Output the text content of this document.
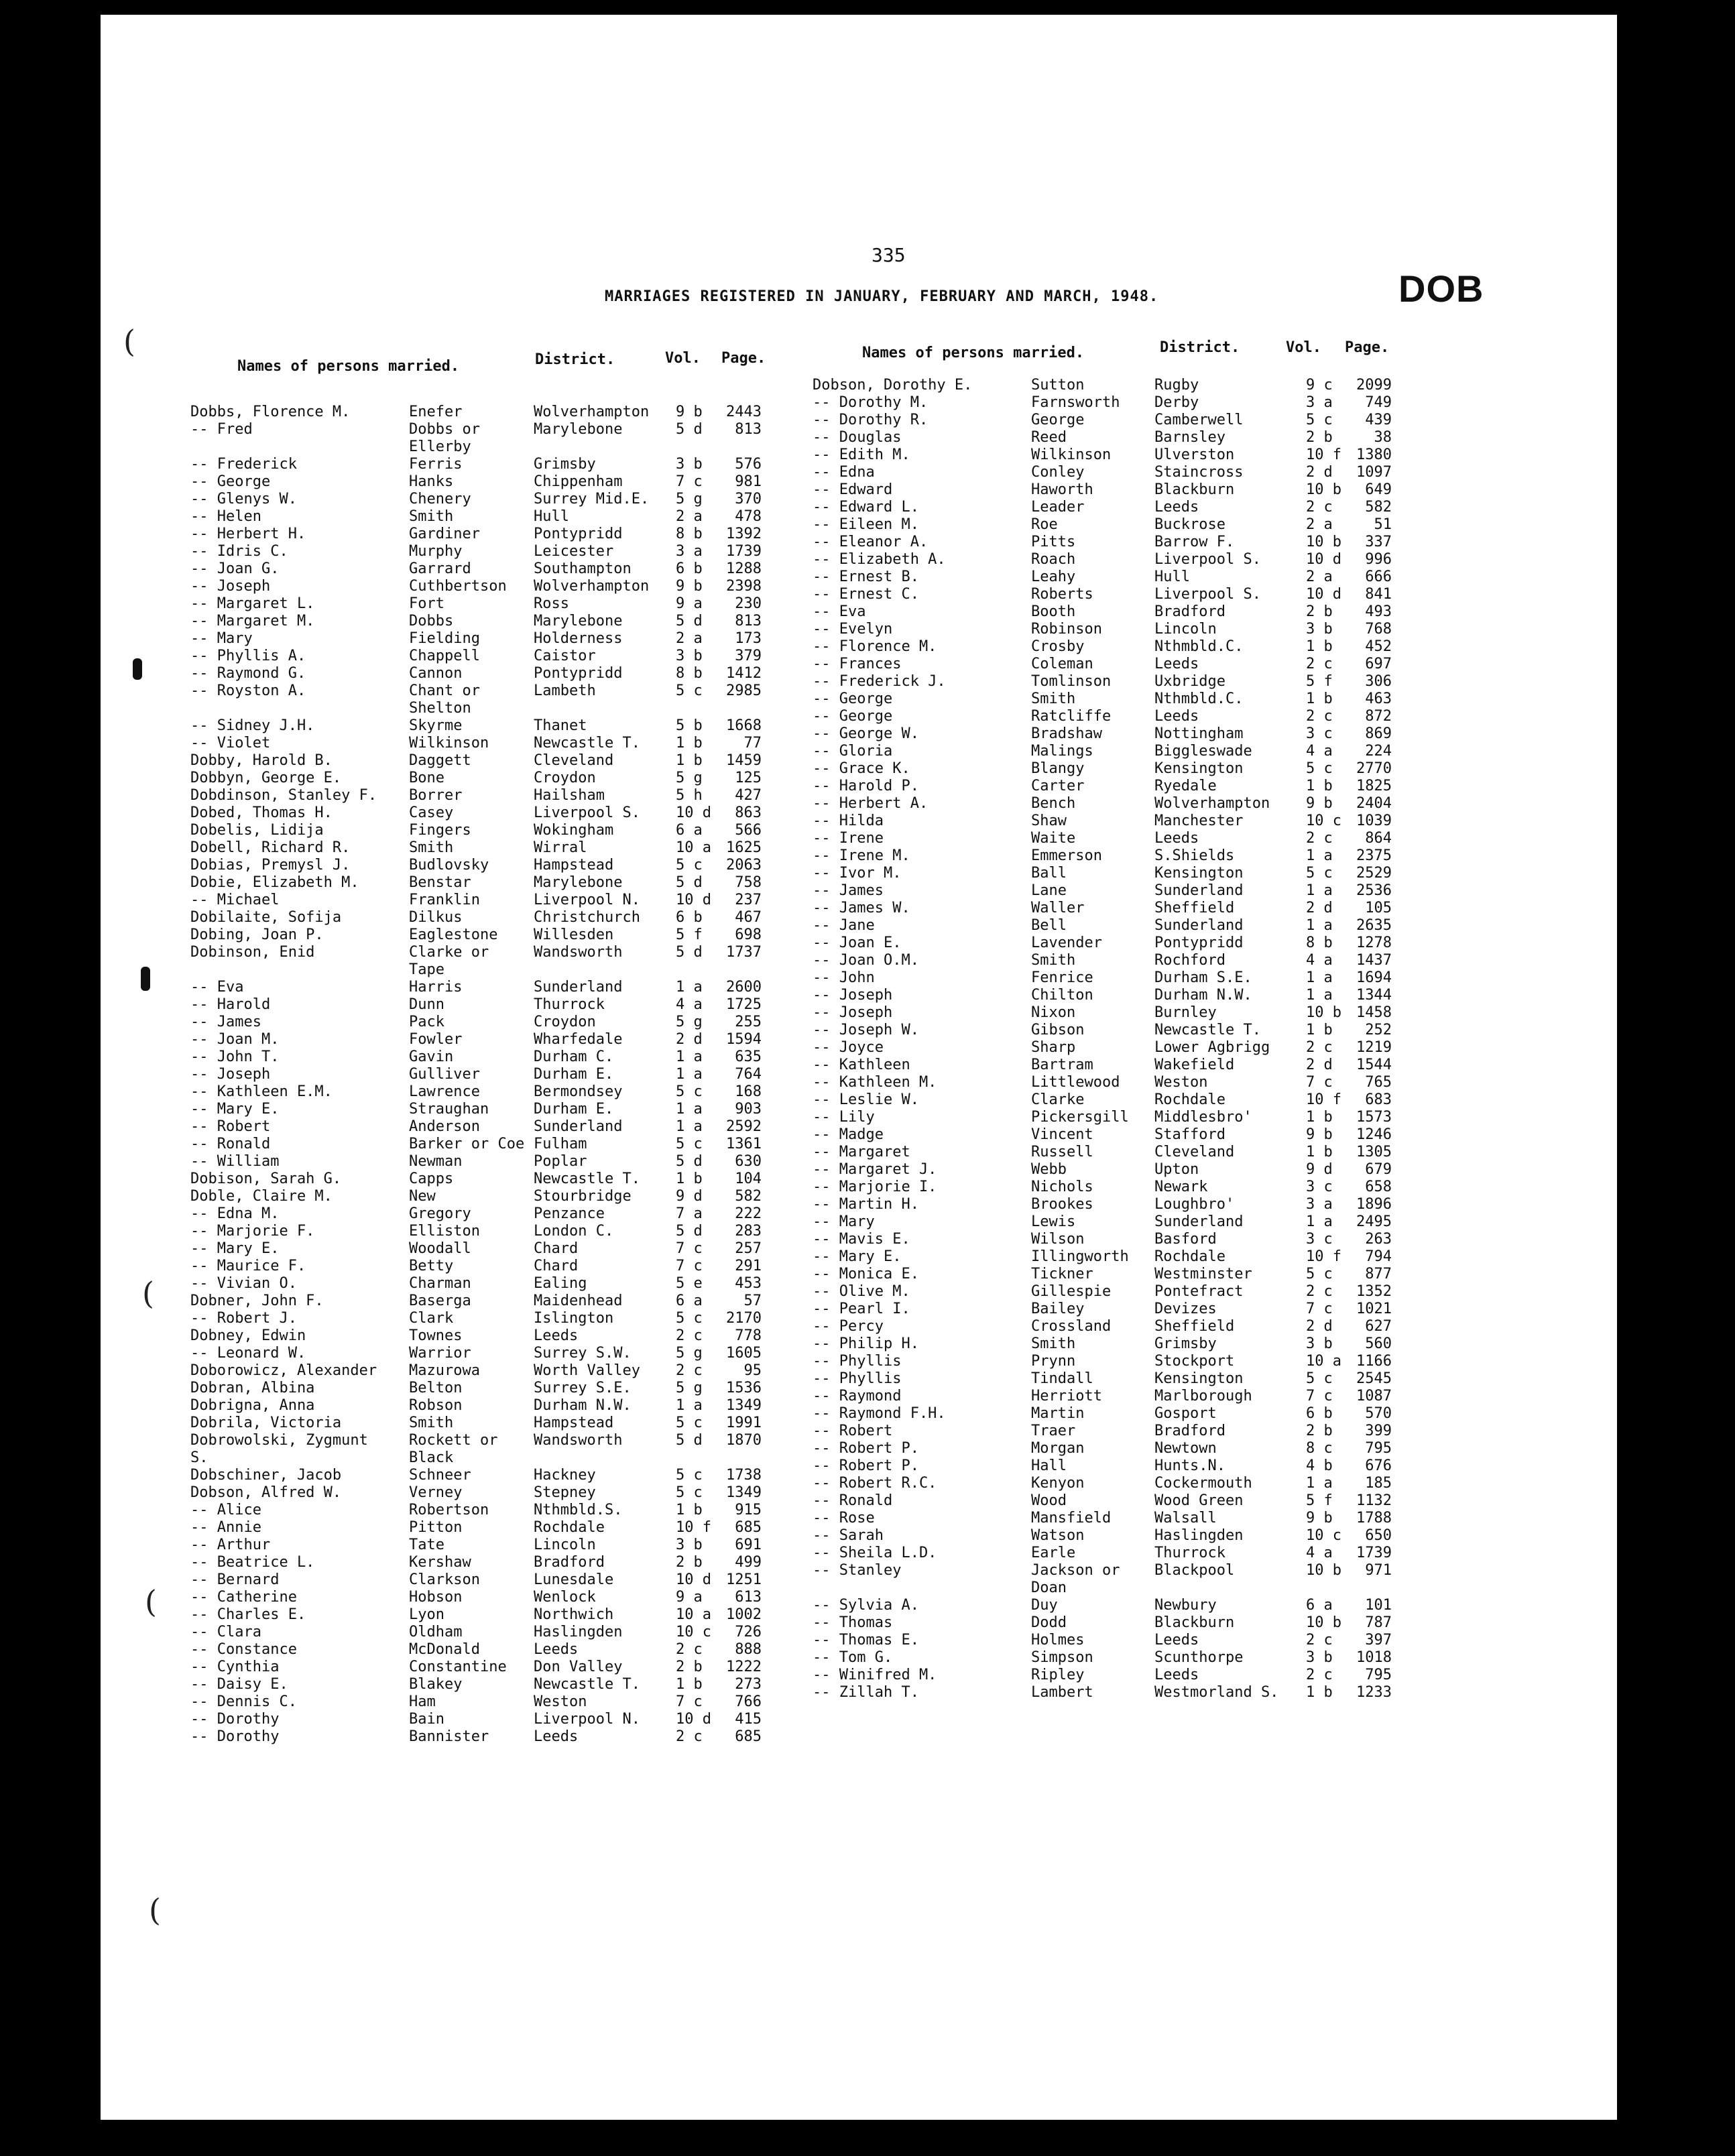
(
(
(
(
335
MARRIAGES REGISTERED IN JANUARY, FEBRUARY AND MARCH, 1948.	DOB
Names of persons married.	District.	Vol. Page.	Names of persons married.	District.	Vol. Page.
Dobbs, Florence M.	Enefer	Wolverhampton 9 b	2443
-- Fred	Dobbs or	Marylebone	5 d	813
Ellerby
-- Frederick	Ferris	Grimsby	3 b	576
-- George	Hanks	Chippenham	7 c	981
-- Glenys W.	Chenery	Surrey Mid.E. 5 g	370
-- Helen	Smith	Hull	2 a	478
-- Herbert H.	Gardiner	Pontypridd	8 b	1392
-- Idris C.	Murphy	Leicester	3 a	1739
-- Joan G.	Garrard	Southampton	6 b	1288
-- Joseph	Cuthbertson Wolverhampton 9 b	2398
-- Margaret L.	Fort	Ross	9 a	230
-- Margaret M.	Dobbs	Marylebone	5 d	813
-- Mary	Fielding	Holderness	2 a	173
-- Phyllis A.	Chappell	Caistor	3 b	379
-- Raymond G.	Cannon	Pontypridd	8 b	1412
-- Royston A.	Chant or	Lambeth	5 c	2985
Shelton
-- Sidney J.H.	Skyrme	Thanet	5 b	1668
-- Violet	Wilkinson	Newcastle T. 1 b	77
Dobby, Harold B.	Daggett	Cleveland	1 b	1459
Dobbyn, George E.	Bone	Croydon	5 g	125
Dobdinson, Stanley F. Borrer	Hailsham	5 h	427
Dobed, Thomas H.	Casey	Liverpool S. 10 d	863
Dobelis, Lidija	Fingers	Wokingham	6 a	566
Dobell, Richard R.	Smith	Wirral	10 a	1625
Dobias, Premysl J.	Budlovsky	Hampstead	5 c	2063
Dobie, Elizabeth M.	Benstar	Marylebone	5 d	758
-- Michael	Franklin	Liverpool N. 10 d	237
Dobilaite, Sofija	Dilkus	Christchurch 6 b	467
Dobing, Joan P.	Eaglestone Willesden	5 f	698
Dobinson, Enid	Clarke or	Wandsworth	5 d	1737
Tape
-- Eva	Harris	Sunderland	1 a	2600
-- Harold	Dunn	Thurrock	4 a	1725
-- James	Pack	Croydon	5 g	255
-- Joan M.	Fowler	Wharfedale	2 d	1594
-- John T.	Gavin	Durham C.	1 a	635
-- Joseph	Gulliver	Durham E.	1 a	764
-- Kathleen E.M.	Lawrence	Bermondsey	5 c	168
-- Mary E.	Straughan	Durham E.	1 a	903
-- Robert	Anderson	Sunderland	1 a	2592
-- Ronald	Barker or Coe Fulham	5 c	1361
-- William	Newman	Poplar	5 d	630
Dobison, Sarah G.	Capps	Newcastle T. 1 b	104
Doble, Claire M.	New	Stourbridge	9 d	582
-- Edna M.	Gregory	Penzance	7 a	222
-- Marjorie F.	Elliston	London C.	5 d	283
-- Mary E.	Woodall	Chard	7 c	257
-- Maurice F.	Betty	Chard	7 c	291
-- Vivian O.	Charman	Ealing	5 e	453
Dobner, John F.	Baserga	Maidenhead	6 a	57
-- Robert J.	Clark	Islington	5 c	2170
Dobney, Edwin	Townes	Leeds	2 c	778
-- Leonard W.	Warrior	Surrey S.W.	5 g	1605
Doborowicz, Alexander Mazurowa	Worth Valley 2 c	95
Dobran, Albina	Belton	Surrey S.E.	5 g	1536
Dobrigna, Anna	Robson	Durham N.W.	1 a	1349
Dobrila, Victoria	Smith	Hampstead	5 c	1991
Dobrowolski, Zygmunt	Rockett or Wandsworth	5 d	1870
S.	Black
Dobschiner, Jacob	Schneer	Hackney	5 c	1738
Dobson, Alfred W.	Verney	Stepney	5 c	1349
-- Alice	Robertson	Nthmbld.S.	1 b	915
-- Annie	Pitton	Rochdale	10 f	685
-- Arthur	Tate	Lincoln	3 b	691
-- Beatrice L.	Kershaw	Bradford	2 b	499
-- Bernard	Clarkson	Lunesdale	10 d	1251
-- Catherine	Hobson	Wenlock	9 a	613
-- Charles E.	Lyon	Northwich	10 a	1002
-- Clara	Oldham	Haslingden	10 c	726
-- Constance	McDonald	Leeds	2 c	888
-- Cynthia	Constantine Don Valley	2 b	1222
-- Daisy E.	Blakey	Newcastle T. 1 b	273
-- Dennis C.	Ham	Weston	7 c	766
-- Dorothy	Bain	Liverpool N. 10 d	415
-- Dorothy	Bannister	Leeds	2 c	685
Dobson, Dorothy E.	Sutton	Rugby	9 c	2099
-- Dorothy M.	Farnsworth Derby	3 a	749
-- Dorothy R.	George	Camberwell	5 c	439
-- Douglas	Reed	Barnsley	2 b	38
-- Edith M.	Wilkinson	Ulverston	10 f	1380
-- Edna	Conley	Staincross	2 d	1097
-- Edward	Haworth	Blackburn	10 b	649
-- Edward L.	Leader	Leeds	2 c	582
-- Eileen M.	Roe	Buckrose	2 a	51
-- Eleanor A.	Pitts	Barrow F.	10 b	337
-- Elizabeth A.	Roach	Liverpool S.	10 d	996
-- Ernest B.	Leahy	Hull	2 a	666
-- Ernest C.	Roberts	Liverpool S.	10 d	841
-- Eva	Booth	Bradford	2 b	493
-- Evelyn	Robinson	Lincoln	3 b	768
-- Florence M.	Crosby	Nthmbld.C.	1 b	452
-- Frances	Coleman	Leeds	2 c	697
-- Frederick J.	Tomlinson	Uxbridge	5 f	306
-- George	Smith	Nthmbld.C.	1 b	463
-- George	Ratcliffe	Leeds	2 c	872
-- George W.	Bradshaw	Nottingham	3 c	869
-- Gloria	Malings	Biggleswade	4 a	224
-- Grace K.	Blangy	Kensington	5 c	2770
-- Harold P.	Carter	Ryedale	1 b	1825
-- Herbert A.	Bench	Wolverhampton 9 b	2404
-- Hilda	Shaw	Manchester	10 c	1039
-- Irene	Waite	Leeds	2 c	864
-- Irene M.	Emmerson	S.Shields	1 a	2375
-- Ivor M.	Ball	Kensington	5 c	2529
-- James	Lane	Sunderland	1 a	2536
-- James W.	Waller	Sheffield	2 d	105
-- Jane	Bell	Sunderland	1 a	2635
-- Joan E.	Lavender	Pontypridd	8 b	1278
-- Joan O.M.	Smith	Rochford	4 a	1437
-- John	Fenrice	Durham S.E.	1 a	1694
-- Joseph	Chilton	Durham N.W.	1 a	1344
-- Joseph	Nixon	Burnley	10 b	1458
-- Joseph W.	Gibson	Newcastle T.	1 b	252
-- Joyce	Sharp	Lower Agbrigg 2 c	1219
-- Kathleen	Bartram	Wakefield	2 d	1544
-- Kathleen M.	Littlewood Weston	7 c	765
-- Leslie W.	Clarke	Rochdale	10 f	683
-- Lily	Pickersgill Middlesbro'	1 b	1573
-- Madge	Vincent	Stafford	9 b	1246
-- Margaret	Russell	Cleveland	1 b	1305
-- Margaret J.	Webb	Upton	9 d	679
-- Marjorie I.	Nichols	Newark	3 c	658
-- Martin H.	Brookes	Loughbro'	3 a	1896
-- Mary	Lewis	Sunderland	1 a	2495
-- Mavis E.	Wilson	Basford	3 c	263
-- Mary E.	Illingworth Rochdale	10 f	794
-- Monica E.	Tickner	Westminster	5 c	877
-- Olive M.	Gillespie	Pontefract	2 c	1352
-- Pearl I.	Bailey	Devizes	7 c	1021
-- Percy	Crossland	Sheffield	2 d	627
-- Philip H.	Smith	Grimsby	3 b	560
-- Phyllis	Prynn	Stockport	10 a	1166
-- Phyllis	Tindall	Kensington	5 c	2545
-- Raymond	Herriott	Marlborough	7 c	1087
-- Raymond F.H.	Martin	Gosport	6 b	570
-- Robert	Traer	Bradford	2 b	399
-- Robert P.	Morgan	Newtown	8 c	795
-- Robert P.	Hall	Hunts.N.	4 b	676
-- Robert R.C.	Kenyon	Cockermouth	1 a	185
-- Ronald	Wood	Wood Green	5 f	1132
-- Rose	Mansfield	Walsall	9 b	1788
-- Sarah	Watson	Haslingden	10 c	650
-- Sheila L.D.	Earle	Thurrock	4 a	1739
-- Stanley	Jackson or Blackpool	10 b	971
Doan
-- Sylvia A.	Duy	Newbury	6 a	101
-- Thomas	Dodd	Blackburn	10 b	787
-- Thomas E.	Holmes	Leeds	2 c	397
-- Tom G.	Simpson	Scunthorpe	3 b	1018
-- Winifred M.	Ripley	Leeds	2 c	795
-- Zillah T.	Lambert	Westmorland S. 1 b	1233
